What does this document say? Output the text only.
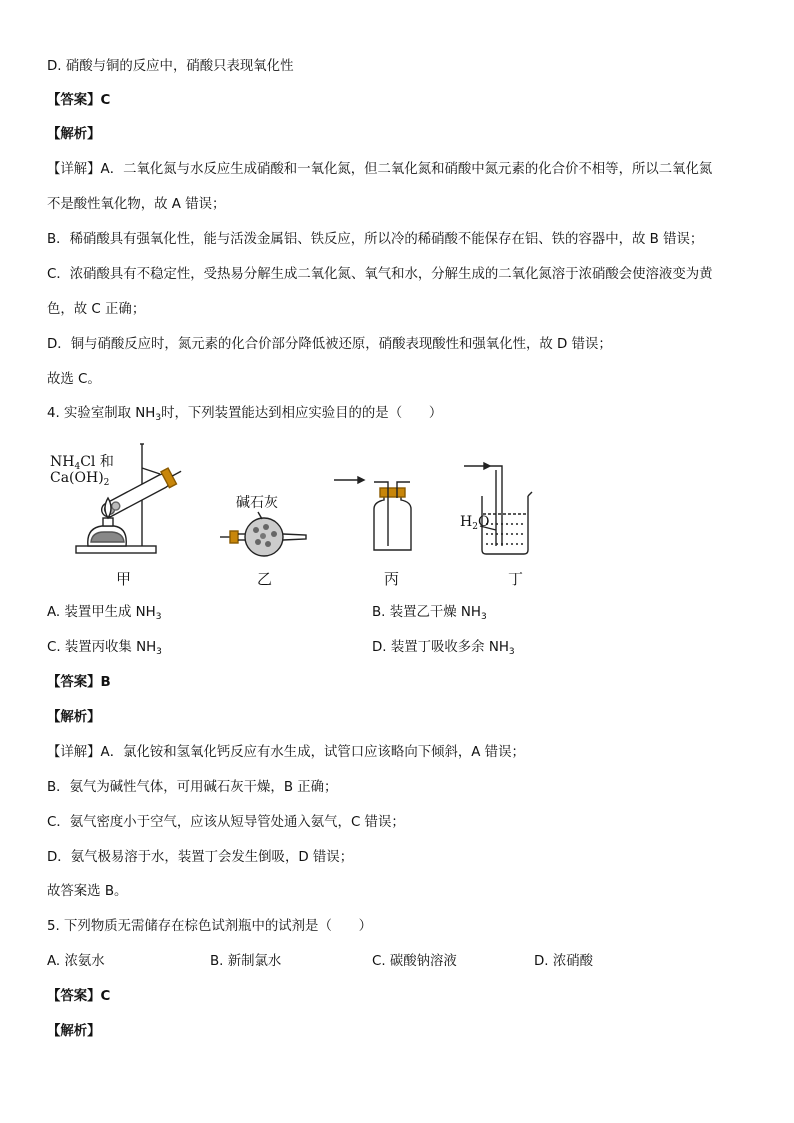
D. 硝酸与铜的反应中，硝酸只表现氧化性
【答案】C
【解析】
【详解】A．二氧化氮与水反应生成硝酸和一氧化氮，但二氧化氮和硝酸中氮元素的化合价不相等，所以二氧化氮
不是酸性氧化物，故 A 错误；
B．稀硝酸具有强氧化性，能与活泼金属铝、铁反应，所以冷的稀硝酸不能保存在铝、铁的容器中，故 B 错误；
C．浓硝酸具有不稳定性，受热易分解生成二氧化氮、氧气和水，分解生成的二氧化氮溶于浓硝酸会使溶液变为黄
色，故 C 正确；
D．铜与硝酸反应时，氮元素的化合价部分降低被还原，硝酸表现酸性和强氧化性，故 D 错误；
故选 C。
4. 实验室制取 $NH_3$时，下列装置能达到相应实验目的的是（　　）
$NH_4Cl$ 和
$Ca(OH)_2$
碱石灰
$H_2O$
甲	乙	丙	丁
A. 装置甲生成 $NH_3$	B. 装置乙干燥 $NH_3$
C. 装置丙收集 $NH_3$	D. 装置丁吸收多余 $NH_3$
【答案】B
【解析】
【详解】A．氯化铵和氢氧化钙反应有水生成，试管口应该略向下倾斜，A 错误；
B．氨气为碱性气体，可用碱石灰干燥，B 正确；
C．氨气密度小于空气，应该从短导管处通入氨气，C 错误；
D．氨气极易溶于水，装置丁会发生倒吸，D 错误；
故答案选 B。
5. 下列物质无需储存在棕色试剂瓶中的试剂是（　　）
A. 浓氨水	B. 新制氯水	C. 碳酸钠溶液	D. 浓硝酸
【答案】C
【解析】
